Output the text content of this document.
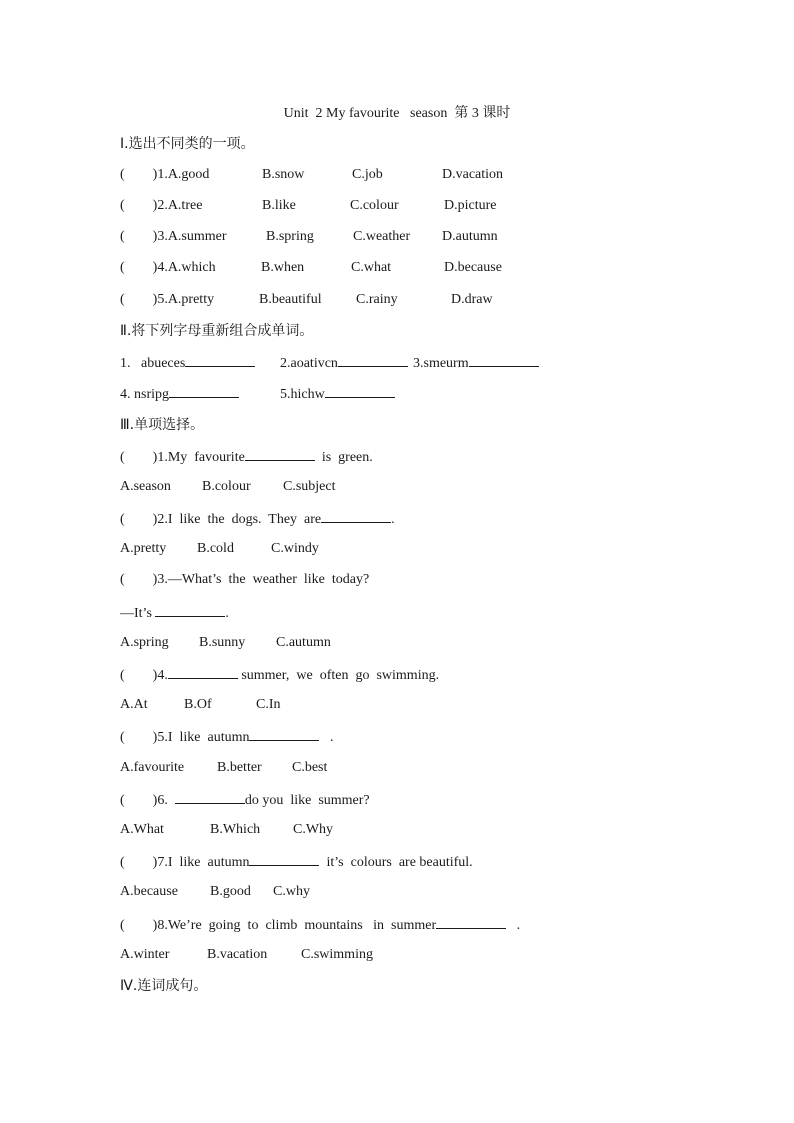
Unit  2 My favourite   season  第 3 课时
Ⅰ.选出不同类的一项。
(        )1.A.good	B.snow	C.job	D.vacation
(        )2.A.tree	B.like	C.colour	D.picture
(        )3.A.summer	B.spring	C.weather D.autumn
(        )4.A.which	B.when	C.what	D.because
(        )5.A.pretty	B.beautiful C.rainy	D.draw
Ⅱ.将下列字母重新组合成单词。
1.   abueces	2.aoativcn	3.smeurm
4. nsripg	5.hichw
Ⅲ.单项选择。
(        )1.My  favourite	is  green.
A.season B.colour C.subject
(        )2.I  like  the  dogs.  They  are	.
A.pretty B.cold	C.windy
(        )3.—What’s  the  weather  like  today?
—It’s	.
A.spring B.sunny C.autumn
(        )4.	summer,  we  often  go  swimming.
A.At	B.Of	C.In
(        )5.I  like  autumn	.
A.favourite B.better C.best
(        )6.	do you  like  summer?
A.What	B.Which C.Why
(        )7.I  like  autumn	it’s  colours  are beautiful.
A.because B.good C.why
(        )8.We’re  going  to  climb  mountains   in  summer	.
A.winter	B.vacation C.swimming
Ⅳ.连词成句。
